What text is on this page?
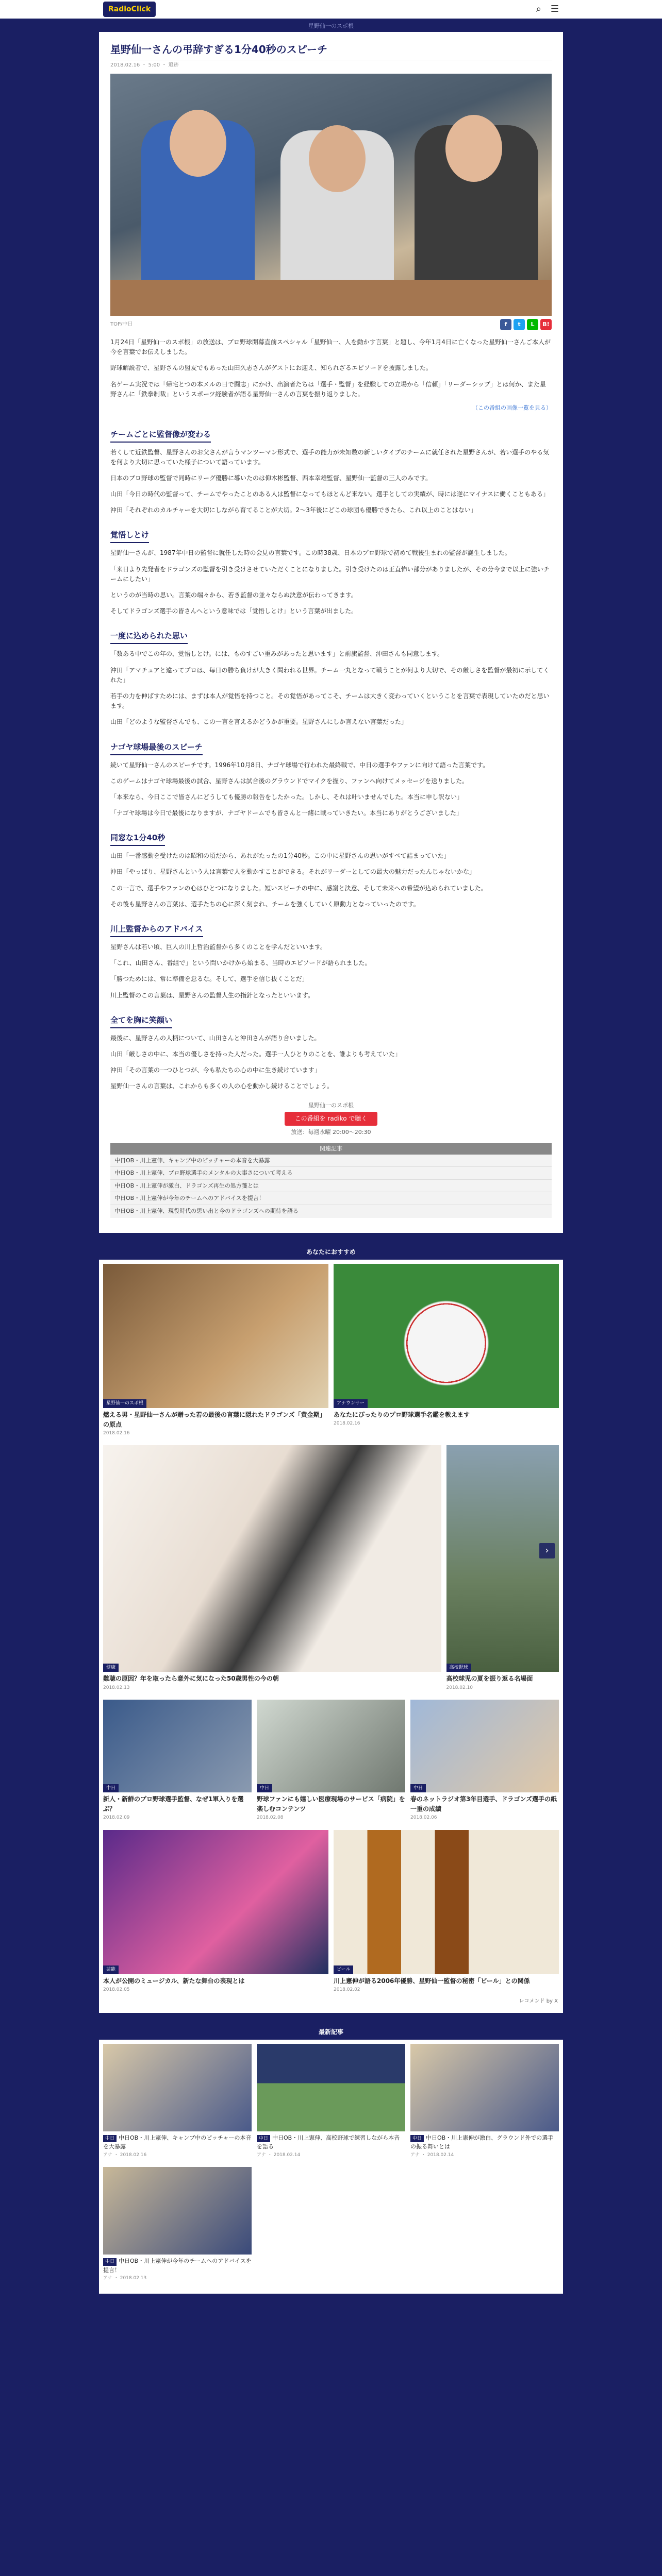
RadioClick	⌕ ☰
星野仙一のスポ根
星野仙一さんの弔辞すぎる1分40秒のスピーチ
2018.02.16 ・ 5:00 ・ 追跡
TOP/中日	f	t	L	B!

1月24日「星野仙一のスポ根」の放送は、プロ野球開幕直前スペシャル「星野仙一、人を動かす言葉」と題し、今年1月4日に亡くなった星野仙一さんご本人が今を言葉でお伝えしました。

野球解説者で、星野さんの盟友でもあった山田久志さんがゲストにお迎え、知られざるエピソードを披露しました。

名ゲーム実況では「帰宅とつの本メルの日で闘志」にかけ、出演者たちは「選手・監督」を経験しての立場から「信頼」「リーダーシップ」とは何か、また星野さんに「鉄拳制裁」というスポーツ経験者が語る星野仙一さんの言葉を振り返りました。

（この番組の画像一覧を見る）
チームごとに監督像が変わる

若くして近鉄監督、星野さんのお父さんが言うマンツーマン形式で、選手の能力が未知数の新しいタイプのチームに就任された星野さんが、若い選手のやる気を何より大切に思っていた様子について語っています。

日本のプロ野球の監督で同時にリーグ優勝に導いたのは仰木彬監督、西本幸雄監督、星野仙一監督の三人のみです。

山田「今日の時代の監督って、チームでやったことのある人は監督になってもほとんど来ない。選手としての実績が、時には逆にマイナスに働くこともある」

沖田「それぞれのカルチャーを大切にしながら育てることが大切。2〜3年後にどこの球団も優勝できたら、これ以上のことはない」

覚悟しとけ

星野仙一さんが、1987年中日の監督に就任した時の会見の言葉です。この時38歳、日本のプロ野球で初めて戦後生まれの監督が誕生しました。

「来日より先発者をドラゴンズの監督を引き受けさせていただくことになりました。引き受けたのは正直怖い部分がありましたが、その分今まで以上に強いチームにしたい」

というのが当時の思い。言葉の端々から、若き監督の並々ならぬ決意が伝わってきます。

そしてドラゴンズ選手の皆さんへという意味では「覚悟しとけ」という言葉が出ました。

一度に込められた思い

「数ある中でこの年の、覚悟しとけ。には、ものすごい重みがあったと思います」と前旗監督、沖田さんも同意します。

沖田「アマチュアと違ってプロは、毎日の勝ち負けが大きく問われる世界。チーム一丸となって戦うことが何より大切で、その厳しさを監督が最初に示してくれた」

若手の力を伸ばすためには、まずは本人が覚悟を持つこと。その覚悟があってこそ、チームは大きく変わっていくということを言葉で表現していたのだと思います。

山田「どのような監督さんでも、この一言を言えるかどうかが重要。星野さんにしか言えない言葉だった」

ナゴヤ球場最後のスピーチ

続いて星野仙一さんのスピーチです。1996年10月8日、ナゴヤ球場で行われた最終戦で、中日の選手やファンに向けて語った言葉です。

このゲームはナゴヤ球場最後の試合、星野さんは試合後のグラウンドでマイクを握り、ファンへ向けてメッセージを送りました。

「本来なら、今日ここで皆さんにどうしても優勝の報告をしたかった。しかし、それは叶いませんでした。本当に申し訳ない」

「ナゴヤ球場は今日で最後になりますが、ナゴヤドームでも皆さんと一緒に戦っていきたい。本当にありがとうございました」

同窓な1分40秒

山田「一番感動を受けたのは昭和の頃だから、あれがたったの1分40秒。この中に星野さんの思いがすべて詰まっていた」

沖田「やっぱり、星野さんという人は言葉で人を動かすことができる。それがリーダーとしての最大の魅力だったんじゃないかな」

この一言で、選手やファンの心はひとつになりました。短いスピーチの中に、感謝と決意、そして未来への希望が込められていました。

その後も星野さんの言葉は、選手たちの心に深く刻まれ、チームを強くしていく原動力となっていったのです。

川上監督からのアドバイス

星野さんは若い頃、巨人の川上哲治監督から多くのことを学んだといいます。

「これ、山田さん、番組で」という問いかけから始まる、当時のエピソードが語られました。

「勝つためには、常に準備を怠るな。そして、選手を信じ抜くことだ」

川上監督のこの言葉は、星野さんの監督人生の指針となったといいます。

全てを胸に笑顔い

最後に、星野さんの人柄について、山田さんと沖田さんが語り合いました。

山田「厳しさの中に、本当の優しさを持った人だった。選手一人ひとりのことを、誰よりも考えていた」

沖田「その言葉の一つひとつが、今も私たちの心の中に生き続けています」

星野仙一さんの言葉は、これからも多くの人の心を動かし続けることでしょう。

星野仙一のスポ根
この番組を radiko で聴く
放送：毎週水曜 20:00〜20:30
関連記事
中日OB・川上憲伸、キャンプ中のピッチャーの本音を大暴露
中日OB・川上憲伸、プロ野球選手のメンタルの大事さについて考える
中日OB・川上憲伸が激白、ドラゴンズ再生の処方箋とは
中日OB・川上憲伸が今年のチームへのアドバイスを提言！
中日OB・川上憲伸、現役時代の思い出と今のドラゴンズへの期待を語る
あなたにおすすめ
星野仙一のスポ根
燃える男・星野仙一さんが贈った若の最後の言葉に隠れたドラゴンズ「黄金期」の原点
2018.02.16
アナウンサー
あなたにぴったりのプロ野球選手名鑑を教えます
2018.02.16
健康
難聴の原因？年を取ったら意外に気になった50歳男性の今の朝
2018.02.13
高校野球
›
高校球児の夏を振り返る名場面
2018.02.10
中日
新人・新鮮のプロ野球選手監督、なぜ1軍入りを選ぶ？
2018.02.09
中日
野球ファンにも嬉しい医療現場のサービス「病院」を楽しむコンテンツ
2018.02.08
中日
春のネットラジオ第3年目選手、ドラゴンズ選手の紙一重の成績
2018.02.06
芸能
本人が公開のミュージカル、新たな舞台の表現とは
2018.02.05
ビール
川上憲伸が語る2006年優勝、星野仙一監督の秘密「ビール」との関係
2018.02.02
レコメンド by X
最新記事
中日 中日OB・川上憲伸、キャンプ中のピッチャーの本音を大暴露
アナ ・ 2018.02.16
中日 中日OB・川上憲伸、高校野球で練習しながら本音を語る
アナ ・ 2018.02.14
中日 中日OB・川上憲伸が激白、グラウンド外での選手の振る舞いとは
アナ ・ 2018.02.14
中日 中日OB・川上憲伸が今年のチームへのアドバイスを提言！
アナ ・ 2018.02.13
